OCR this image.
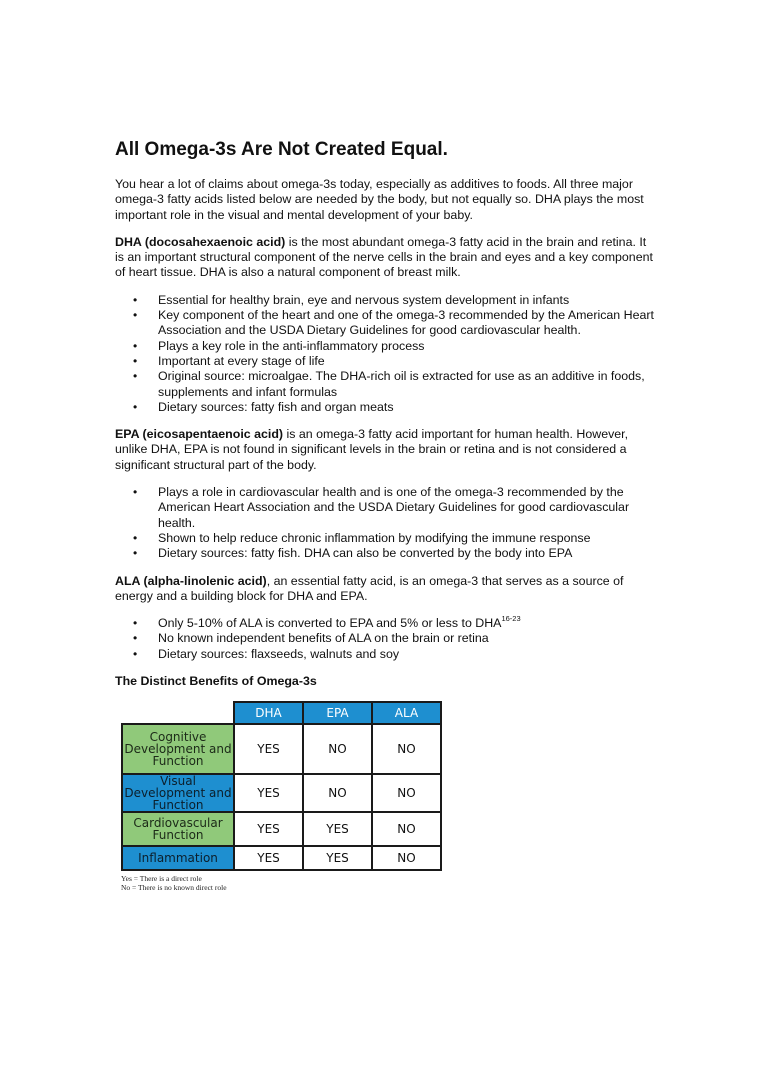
All Omega-3s Are Not Created Equal.

You hear a lot of claims about omega-3s today, especially as additives to foods. All three major omega-3 fatty acids listed below are needed by the body, but not equally so. DHA plays the most important role in the visual and mental development of your baby.

DHA (docosahexaenoic acid) is the most abundant omega-3 fatty acid in the brain and retina. It is an important structural component of the nerve cells in the brain and eyes and a key component of heart tissue. DHA is also a natural component of breast milk.

• Essential for healthy brain, eye and nervous system development in infants
• Key component of the heart and one of the omega-3 recommended by the American Heart Association and the USDA Dietary Guidelines for good cardiovascular health.
• Plays a key role in the anti-inflammatory process
• Important at every stage of life
• Original source: microalgae. The DHA-rich oil is extracted for use as an additive in foods, supplements and infant formulas
• Dietary sources: fatty fish and organ meats

EPA (eicosapentaenoic acid) is an omega-3 fatty acid important for human health. However, unlike DHA, EPA is not found in significant levels in the brain or retina and is not considered a significant structural part of the body.

• Plays a role in cardiovascular health and is one of the omega-3 recommended by the American Heart Association and the USDA Dietary Guidelines for good cardiovascular health.
• Shown to help reduce chronic inflammation by modifying the immune response
• Dietary sources: fatty fish. DHA can also be converted by the body into EPA

ALA (alpha-linolenic acid), an essential fatty acid, is an omega-3 that serves as a source of energy and a building block for DHA and EPA.

• Only 5-10% of ALA is converted to EPA and 5% or less to DHA$^{16-23}$
• No known independent benefits of ALA on the brain or retina
• Dietary sources: flaxseeds, walnuts and soy
The Distinct Benefits of Omega-3s
	DHA	EPA	ALA
Cognitive Development and Function	YES	NO	NO
Visual Development and Function	YES	NO	NO
Cardiovascular Function	YES	YES	NO
Inflammation	YES	YES	NO
Yes = There is a direct role
No = There is no known direct role
